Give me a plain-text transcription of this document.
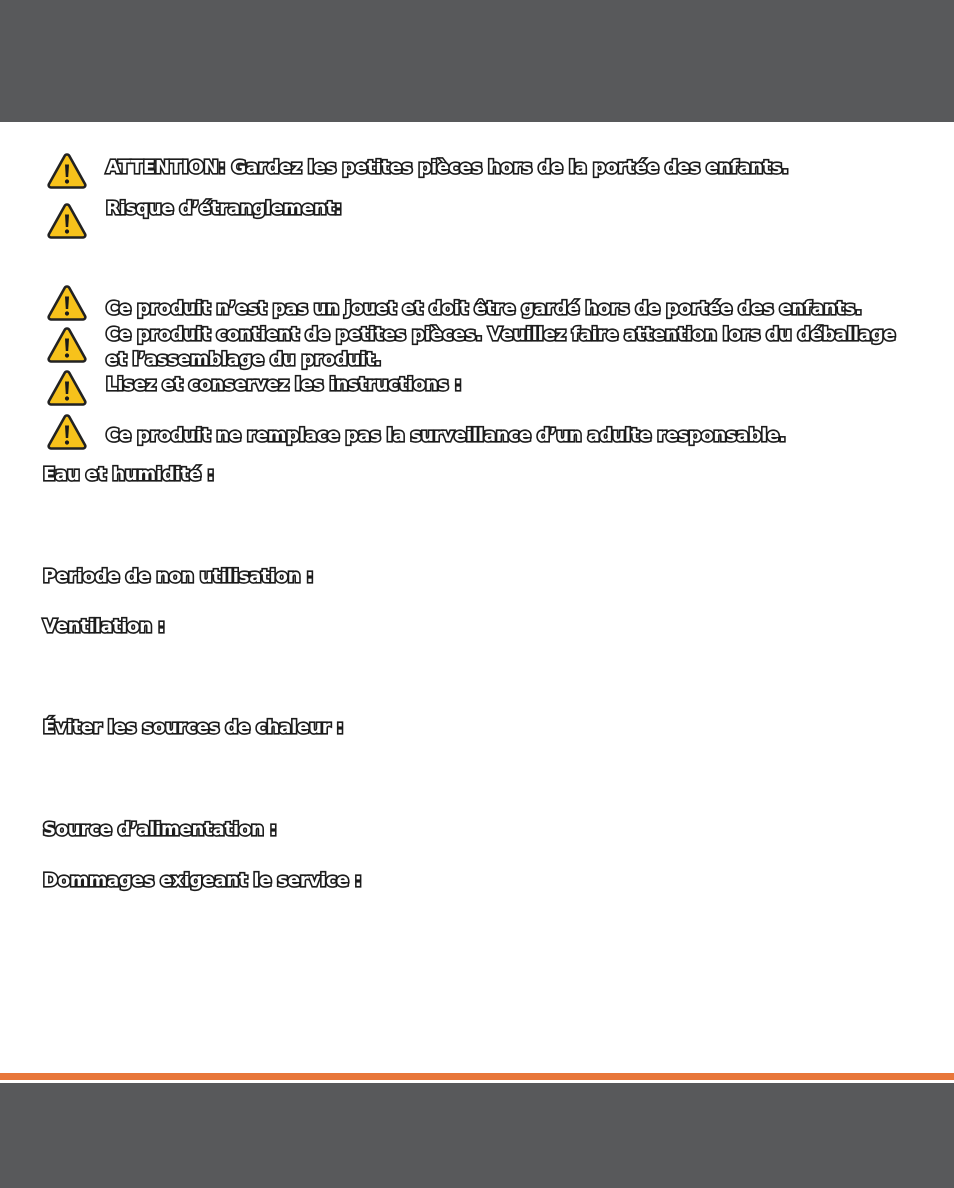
ATTENTION: Gardez les petites pièces hors de la portée des enfants.

Risque d’étranglement:

Ce produit n’est pas un jouet et doit être gardé hors de portée des enfants.

Ce produit contient de petites pièces. Veuillez faire attention lors du déballage

et l’assemblage du produit.

Lisez et conservez les instructions :

Ce produit ne remplace pas la surveillance d’un adulte responsable.

Eau et humidité :

Periode de non utilisation :

Ventilation :

Éviter les sources de chaleur :

Source d’alimentation :

Dommages exigeant le service :
